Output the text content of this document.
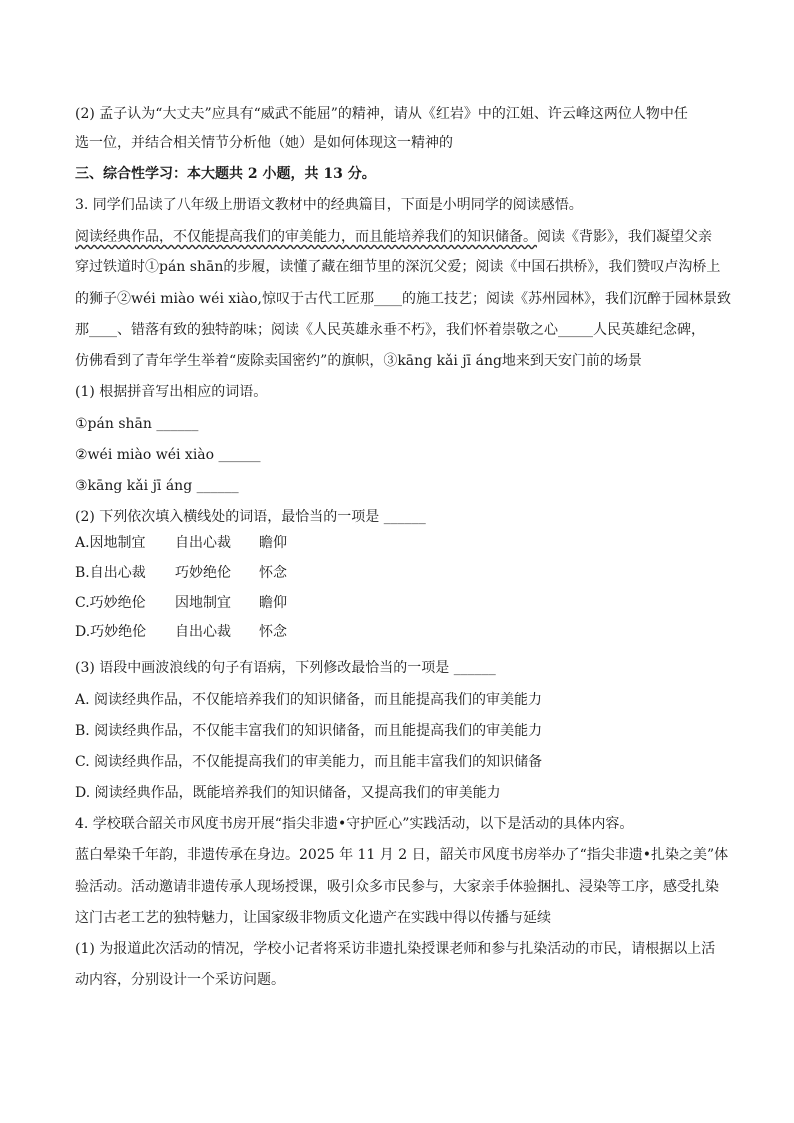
(2) 孟子认为“大丈夫”应具有“威武不能屈”的精神，请从《红岩》中的江姐、许云峰这两位人物中任
选一位，并结合相关情节分析他（她）是如何体现这一精神的
三、综合性学习：本大题共 2 小题，共 13 分。
3. 同学们品读了八年级上册语文教材中的经典篇目，下面是小明同学的阅读感悟。
阅读经典作品，不仅能提高我们的审美能力，而且能培养我们的知识储备。阅读《背影》，我们凝望父亲
穿过铁道时①pán shān的步履，读懂了藏在细节里的深沉父爱；阅读《中国石拱桥》，我们赞叹卢沟桥上
的狮子②wéi miào wéi xiào,惊叹于古代工匠那____的施工技艺；阅读《苏州园林》，我们沉醉于园林景致
那____、错落有致的独特韵味；阅读《人民英雄永垂不朽》，我们怀着崇敬之心_____人民英雄纪念碑，
仿佛看到了青年学生举着“废除卖国密约”的旗帜，③kāng kǎi jī áng地来到天安门前的场景
(1) 根据拼音写出相应的词语。
①pán shān ______
②wéi miào wéi xiào ______
③kāng kǎi jī áng ______
(2) 下列依次填入横线处的词语，最恰当的一项是 ______
A.因地制宜 自出心裁 瞻仰
B.自出心裁 巧妙绝伦 怀念
C.巧妙绝伦 因地制宜 瞻仰
D.巧妙绝伦 自出心裁 怀念
(3) 语段中画波浪线的句子有语病，下列修改最恰当的一项是 ______
A. 阅读经典作品，不仅能培养我们的知识储备，而且能提高我们的审美能力
B. 阅读经典作品，不仅能丰富我们的知识储备，而且能提高我们的审美能力
C. 阅读经典作品，不仅能提高我们的审美能力，而且能丰富我们的知识储备
D. 阅读经典作品，既能培养我们的知识储备，又提高我们的审美能力
4. 学校联合韶关市风度书房开展“指尖非遗•守护匠心”实践活动，以下是活动的具体内容。
蓝白晕染千年韵，非遗传承在身边。2025 年 11 月 2 日，韶关市风度书房举办了“指尖非遗•扎染之美”体
验活动。活动邀请非遗传承人现场授课，吸引众多市民参与，大家亲手体验捆扎、浸染等工序，感受扎染
这门古老工艺的独特魅力，让国家级非物质文化遗产在实践中得以传播与延续
(1) 为报道此次活动的情况，学校小记者将采访非遗扎染授课老师和参与扎染活动的市民，请根据以上活
动内容，分别设计一个采访问题。
